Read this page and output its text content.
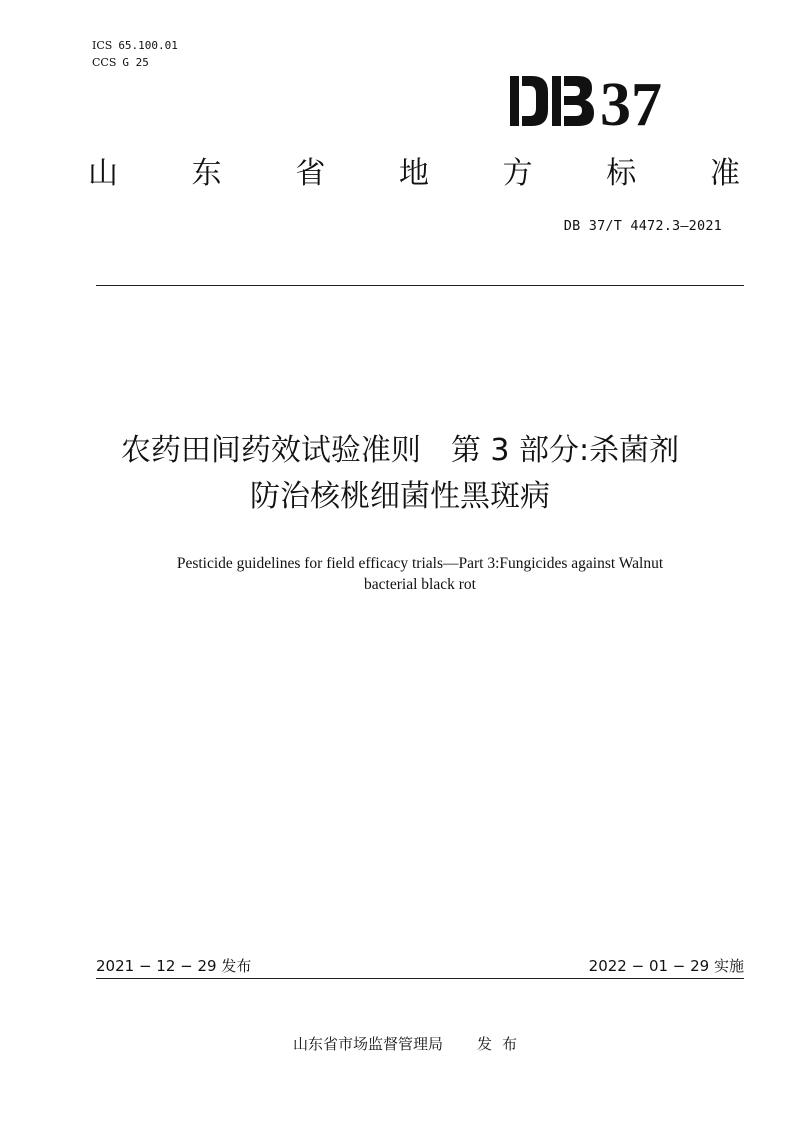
ICS 65.100.01
CCS G 25
37
山 东 省 地 方 标 准
DB 37/T 4472.3—2021
农药田间药效试验准则　第 3 部分:杀菌剂
防治核桃细菌性黑斑病
Pesticide guidelines for field efficacy trials—Part 3:Fungicides against Walnut
bacterial black rot
2021 − 12 − 29 发布	2022 − 01 − 29 实施
山东省市场监督管理局 发布
